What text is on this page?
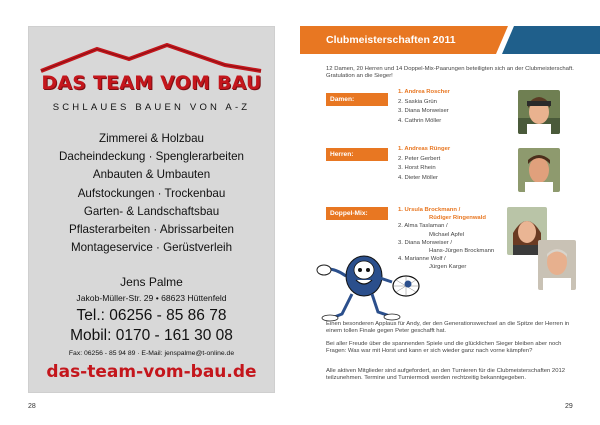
DAS TEAM VOM BAU
SCHLAUES BAUEN VON A-Z
Zimmerei & Holzbau
Dacheindeckung · Spenglerarbeiten
Anbauten & Umbauten
Aufstockungen · Trockenbau
Garten- & Landschaftsbau
Pflasterarbeiten · Abrissarbeiten
Montageservice · Gerüstverleih
Jens Palme
Jakob-Müller-Str. 29 • 68623 Hüttenfeld
Tel.: 06256 - 85 86 78
Mobil: 0170 - 161 30 08
Fax: 06256 - 85 94 89 · E-Mail: jenspalme@t-online.de
das-team-vom-bau.de
28
Clubmeisterschaften 2011
12 Damen, 20 Herren und 14 Doppel-Mix-Paarungen beteiligten sich an der Clubmeisterschaft. Gratulation an die Sieger!
Damen:
1. Andrea Roscher
2. Saskia Grün
3. Diana Morweiser
4. Cathrin Möller
Herren:
1. Andreas Rünger
2. Peter Gerbert
3. Horst Rhein
4. Dieter Möller
Doppel-Mix:	1. Ursula Brockmann /
Rüdiger Ringenwald
2. Alma Taslaman /
Michael Apfel
3. Diana Morweiser /
Hans-Jürgen Brockmann
4. Marianne Wolf /
Jürgen Karger
Einen besonderen Applaus für Andy, der den Generationswechsel an die Spitze der Herren in einem tollen Finale gegen Peter geschafft hat.
Bei aller Freude über die spannenden Spiele und die glücklichen Sieger bleiben aber noch Fragen: Was war mit Horst und kann er sich wieder ganz nach vorne kämpfen?
Alle aktiven Mitglieder sind aufgefordert, an den Turnieren für die Clubmeisterschaften 2012 teilzunehmen. Termine und Turniermodi werden rechtzeitig bekanntgegeben.
29
